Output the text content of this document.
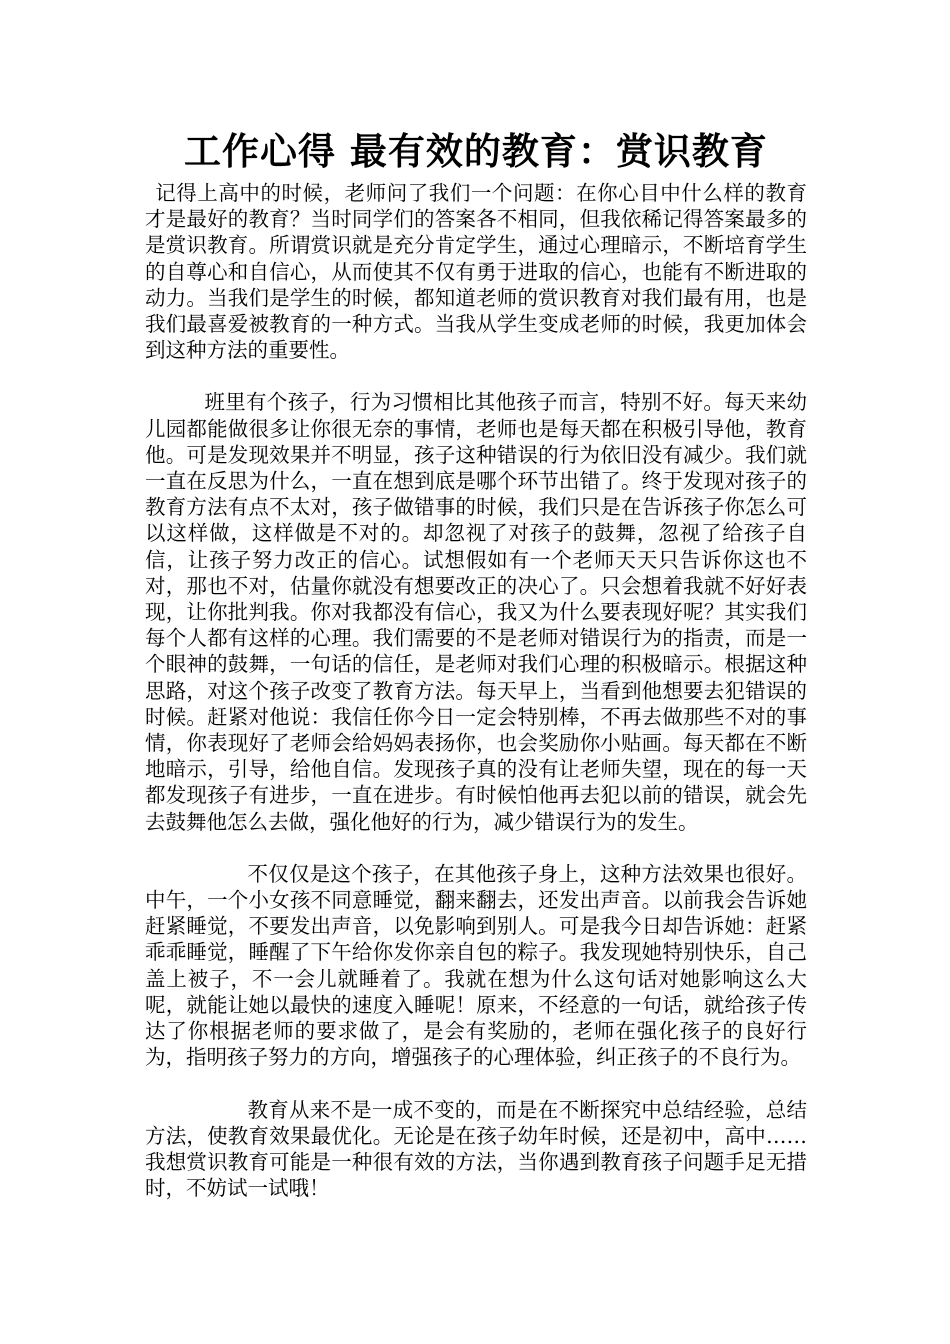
工作心得 最有效的教育：赏识教育

记得上高中的时候，老师问了我们一个问题：在你心目中什么样的教育才是最好的教育？当时同学们的答案各不相同，但我依稀记得答案最多的是赏识教育。所谓赏识就是充分肯定学生，通过心理暗示，不断培育学生的自尊心和自信心，从而使其不仅有勇于进取的信心，也能有不断进取的动力。当我们是学生的时候，都知道老师的赏识教育对我们最有用，也是我们最喜爱被教育的一种方式。当我从学生变成老师的时候，我更加体会到这种方法的重要性。

班里有个孩子，行为习惯相比其他孩子而言，特别不好。每天来幼儿园都能做很多让你很无奈的事情，老师也是每天都在积极引导他，教育他。可是发现效果并不明显，孩子这种错误的行为依旧没有减少。我们就一直在反思为什么，一直在想到底是哪个环节出错了。终于发现对孩子的教育方法有点不太对，孩子做错事的时候，我们只是在告诉孩子你怎么可以这样做，这样做是不对的。却忽视了对孩子的鼓舞，忽视了给孩子自信，让孩子努力改正的信心。试想假如有一个老师天天只告诉你这也不对，那也不对，估量你就没有想要改正的决心了。只会想着我就不好好表现，让你批判我。你对我都没有信心，我又为什么要表现好呢？其实我们每个人都有这样的心理。我们需要的不是老师对错误行为的指责，而是一个眼神的鼓舞，一句话的信任，是老师对我们心理的积极暗示。根据这种思路，对这个孩子改变了教育方法。每天早上，当看到他想要去犯错误的时候。赶紧对他说：我信任你今日一定会特别棒，不再去做那些不对的事情，你表现好了老师会给妈妈表扬你，也会奖励你小贴画。每天都在不断地暗示，引导，给他自信。发现孩子真的没有让老师失望，现在的每一天都发现孩子有进步，一直在进步。有时候怕他再去犯以前的错误，就会先去鼓舞他怎么去做，强化他好的行为，减少错误行为的发生。

不仅仅是这个孩子，在其他孩子身上，这种方法效果也很好。中午，一个小女孩不同意睡觉，翻来翻去，还发出声音。以前我会告诉她赶紧睡觉，不要发出声音，以免影响到别人。可是我今日却告诉她：赶紧乖乖睡觉，睡醒了下午给你发你亲自包的粽子。我发现她特别快乐，自己盖上被子，不一会儿就睡着了。我就在想为什么这句话对她影响这么大呢，就能让她以最快的速度入睡呢！原来，不经意的一句话，就给孩子传达了你根据老师的要求做了，是会有奖励的，老师在强化孩子的良好行为，指明孩子努力的方向，增强孩子的心理体验，纠正孩子的不良行为。

教育从来不是一成不变的，而是在不断探究中总结经验，总结方法，使教育效果最优化。无论是在孩子幼年时候，还是初中，高中……我想赏识教育可能是一种很有效的方法，当你遇到教育孩子问题手足无措时，不妨试一试哦！
